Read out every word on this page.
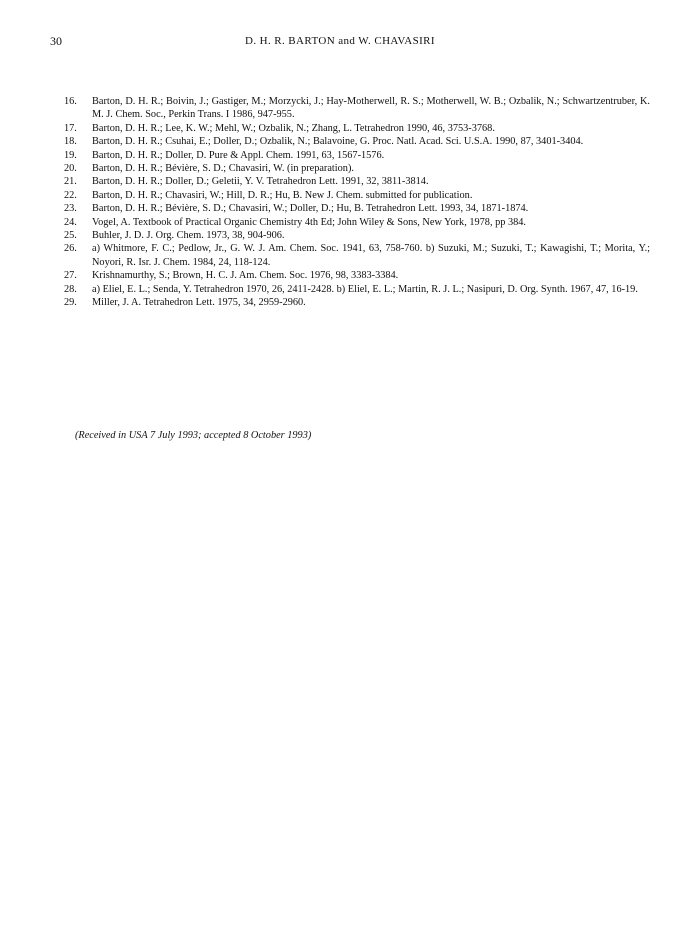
30	D. H. R. BARTON and W. CHAVASIRI
16. Barton, D. H. R.; Boivin, J.; Gastiger, M.; Morzycki, J.; Hay-Motherwell, R. S.; Motherwell, W. B.; Ozbalik, N.; Schwartzentruber, K. M. J. Chem. Soc., Perkin Trans. I 1986, 947-955.
17. Barton, D. H. R.; Lee, K. W.; Mehl, W.; Ozbalik, N.; Zhang, L. Tetrahedron 1990, 46, 3753-3768.
18. Barton, D. H. R.; Csuhai, E.; Doller, D.; Ozbalik, N.; Balavoine, G. Proc. Natl. Acad. Sci. U.S.A. 1990, 87, 3401-3404.
19. Barton, D. H. R.; Doller, D. Pure & Appl. Chem. 1991, 63, 1567-1576.
20. Barton, D. H. R.; Bévière, S. D.; Chavasiri, W. (in preparation).
21. Barton, D. H. R.; Doller, D.; Geletii, Y. V. Tetrahedron Lett. 1991, 32, 3811-3814.
22. Barton, D. H. R.; Chavasiri, W.; Hill, D. R.; Hu, B. New J. Chem. submitted for publication.
23. Barton, D. H. R.; Bévière, S. D.; Chavasiri, W.; Doller, D.; Hu, B. Tetrahedron Lett. 1993, 34, 1871-1874.
24. Vogel, A. Textbook of Practical Organic Chemistry 4th Ed; John Wiley & Sons, New York, 1978, pp 384.
25. Buhler, J. D. J. Org. Chem. 1973, 38, 904-906.
26. a) Whitmore, F. C.; Pedlow, Jr., G. W. J. Am. Chem. Soc. 1941, 63, 758-760. b) Suzuki, M.; Suzuki, T.; Kawagishi, T.; Morita, Y.; Noyori, R. Isr. J. Chem. 1984, 24, 118-124.
27. Krishnamurthy, S.; Brown, H. C. J. Am. Chem. Soc. 1976, 98, 3383-3384.
28. a) Eliel, E. L.; Senda, Y. Tetrahedron 1970, 26, 2411-2428. b) Eliel, E. L.; Martin, R. J. L.; Nasipuri, D. Org. Synth. 1967, 47, 16-19.
29. Miller, J. A. Tetrahedron Lett. 1975, 34, 2959-2960.
(Received in USA 7 July 1993; accepted 8 October 1993)
